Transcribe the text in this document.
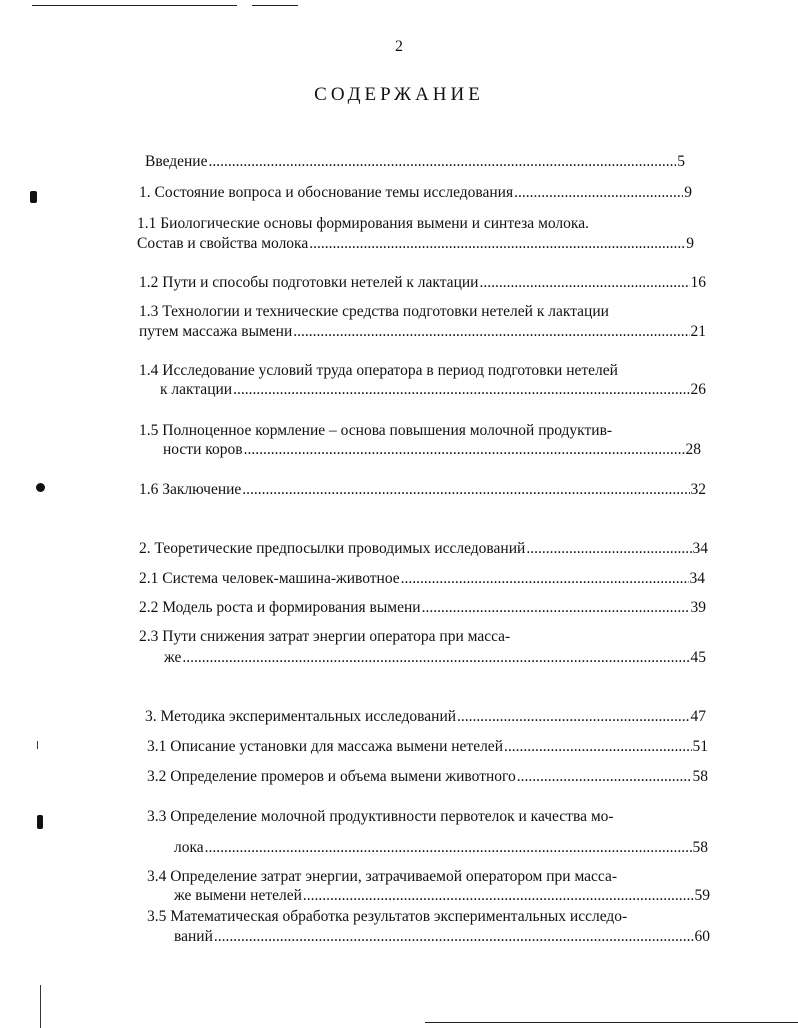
2
СОДЕРЖАНИЕ
Введение .....	5
1. Состояние вопроса и обоснование темы исследования .....	9
1.1 Биологические основы формирования вымени и синтеза молока.
Состав и свойства молока .....	9
1.2 Пути и способы подготовки нетелей к лактации .....	16
1.3 Технологии и технические средства подготовки нетелей к лактации
путем массажа вымени .....	21
1.4 Исследование условий труда оператора в период подготовки нетелей
к лактации .....	26
1.5 Полноценное кормление – основа повышения молочной продуктив-
ности коров .....	28
1.6 Заключение .....	32
2. Теоретические предпосылки проводимых исследований .....	34
2.1 Система человек-машина-животное .....	34
2.2 Модель роста и формирования вымени .....	39
2.3 Пути снижения затрат энергии оператора при масса-
же .....	45
3. Методика экспериментальных исследований .....	47
3.1 Описание установки для массажа вымени нетелей .....	51
3.2 Определение промеров и объема вымени животного .....	58
3.3 Определение молочной продуктивности первотелок и качества мо-
лока .....	58
3.4 Определение затрат энергии, затрачиваемой оператором при масса-
же вымени нетелей .....	59
3.5 Математическая обработка результатов экспериментальных исследо-
ваний .....	60
